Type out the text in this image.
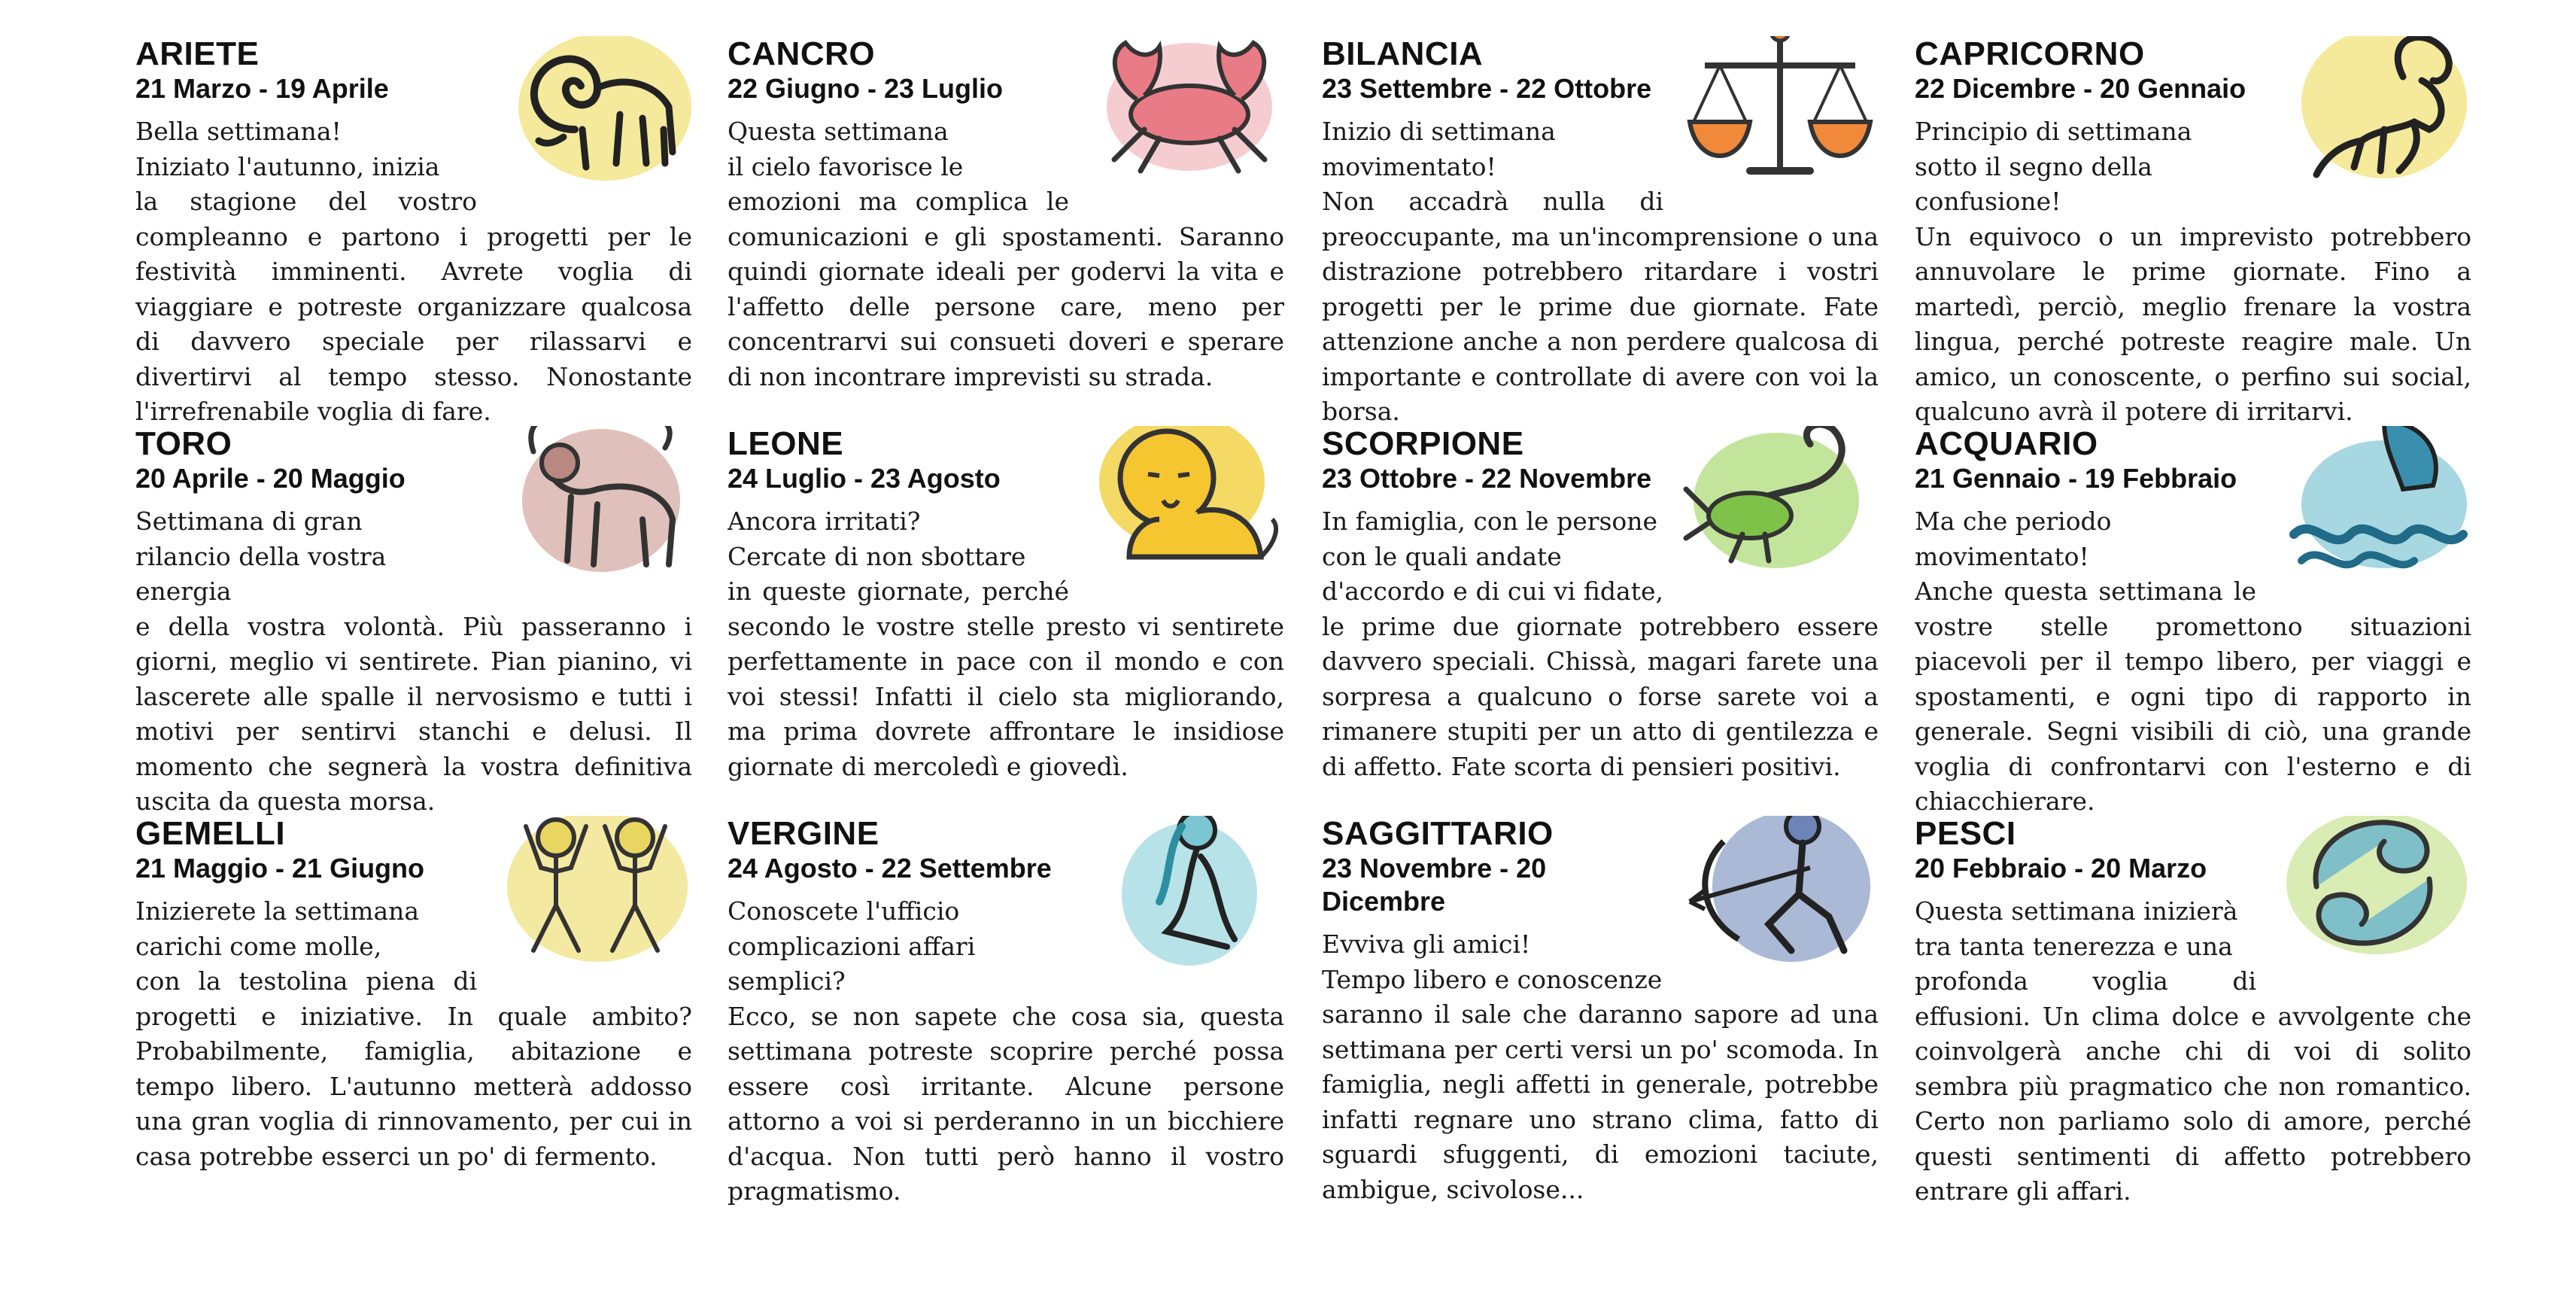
ARIETE
21 Marzo - 19 Aprile
Bella settimana!
Iniziato l'autunno, inizia

la stagione del vostro compleanno e partono i progetti per le festività imminenti. Avrete voglia di viaggiare e potreste organizzare qualcosa di davvero speciale per rilassarvi e divertirvi al tempo stesso. Nonostante l'irrefrenabile voglia di fare.

CANCRO
22 Giugno - 23 Luglio
Questa settimana
il cielo favorisce le

emozioni ma complica le comunicazioni e gli spostamenti. Saranno quindi giornate ideali per godervi la vita e l'affetto delle persone care, meno per concentrarvi sui consueti doveri e sperare di non incontrare imprevisti su strada.

BILANCIA
23 Settembre - 22 Ottobre
Inizio di settimana
movimentato!

Non accadrà nulla di preoccupante, ma un'incomprensione o una distrazione potrebbero ritardare i vostri progetti per le prime due giornate. Fate attenzione anche a non perdere qualcosa di importante e controllate di avere con voi la borsa.

CAPRICORNO
22 Dicembre - 20 Gennaio
Principio di settimana
sotto il segno della confusione!

Un equivoco o un imprevisto potrebbero annuvolare le prime giornate. Fino a martedì, perciò, meglio frenare la vostra lingua, perché potreste reagire male. Un amico, un conoscente, o perfino sui social, qualcuno avrà il potere di irritarvi.

TORO
20 Aprile - 20 Maggio
Settimana di gran
rilancio della vostra energia

e della vostra volontà. Più passeranno i giorni, meglio vi sentirete. Pian pianino, vi lascerete alle spalle il nervosismo e tutti i motivi per sentirvi stanchi e delusi. Il momento che segnerà la vostra definitiva uscita da questa morsa.

LEONE
24 Luglio - 23 Agosto
Ancora irritati?
Cercate di non sbottare

in queste giornate, perché secondo le vostre stelle presto vi sentirete perfettamente in pace con il mondo e con voi stessi! Infatti il cielo sta migliorando, ma prima dovrete affrontare le insidiose giornate di mercoledì e giovedì.

SCORPIONE
23 Ottobre - 22 Novembre
In famiglia, con le persone
con le quali andate

d'accordo e di cui vi fidate, le prime due giornate potrebbero essere davvero speciali. Chissà, magari farete una sorpresa a qualcuno o forse sarete voi a rimanere stupiti per un atto di gentilezza e di affetto. Fate scorta di pensieri positivi.

ACQUARIO
21 Gennaio - 19 Febbraio
Ma che periodo
movimentato!

Anche questa settimana le vostre stelle promettono situazioni piacevoli per il tempo libero, per viaggi e spostamenti, e ogni tipo di rapporto in generale. Segni visibili di ciò, una grande voglia di confrontarvi con l'esterno e di chiacchierare.

GEMELLI
21 Maggio - 21 Giugno
Inizierete la settimana
carichi come molle,

con la testolina piena di progetti e iniziative. In quale ambito? Probabilmente, famiglia, abitazione e tempo libero. L'autunno metterà addosso una gran voglia di rinnovamento, per cui in casa potrebbe esserci un po' di fermento.

VERGINE
24 Agosto - 22 Settembre
Conoscete l'ufficio
complicazioni affari semplici?

Ecco, se non sapete che cosa sia, questa settimana potreste scoprire perché possa essere così irritante. Alcune persone attorno a voi si perderanno in un bicchiere d'acqua. Non tutti però hanno il vostro pragmatismo.

SAGGITTARIO
23 Novembre - 20 Dicembre
Evviva gli amici!
Tempo libero e conoscenze

saranno il sale che daranno sapore ad una settimana per certi versi un po' scomoda. In famiglia, negli affetti in generale, potrebbe infatti regnare uno strano clima, fatto di sguardi sfuggenti, di emozioni taciute, ambigue, scivolose...

PESCI
20 Febbraio - 20 Marzo
Questa settimana inizierà
tra tanta tenerezza e una

profonda voglia di effusioni. Un clima dolce e avvolgente che coinvolgerà anche chi di voi di solito sembra più pragmatico che non romantico. Certo non parliamo solo di amore, perché questi sentimenti di affetto potrebbero entrare gli affari.
